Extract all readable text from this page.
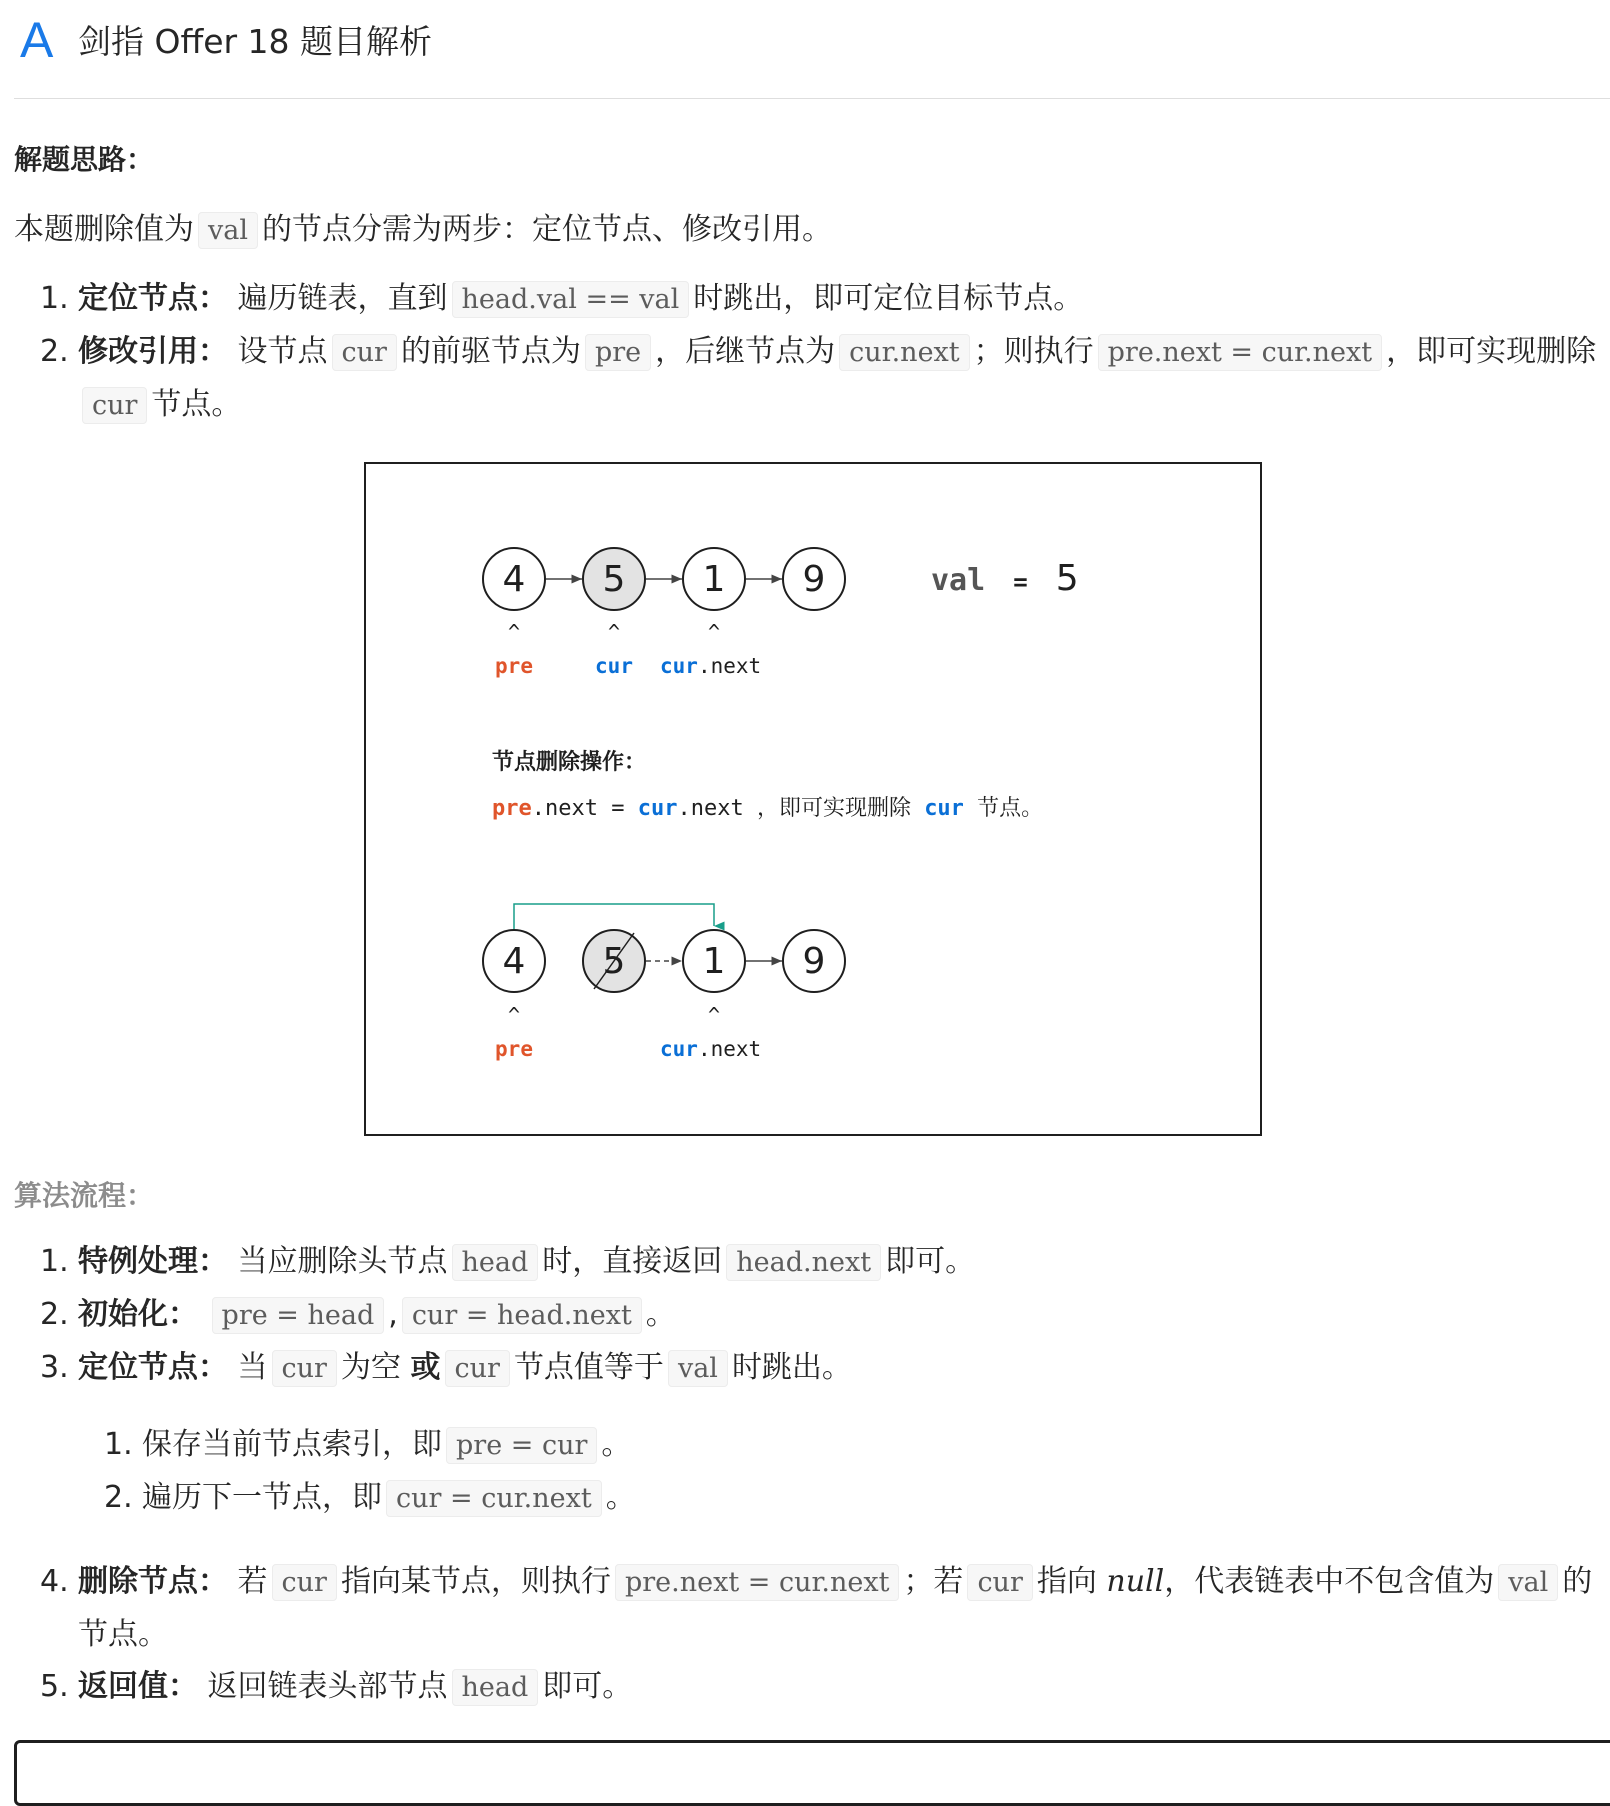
A 剑指 Offer 18 题目解析
解题思路：
本题删除值为 val 的节点分需为两步：定位节点、修改引用。
1. 定位节点： 遍历链表，直到 head.val == val 时跳出，即可定位目标节点。
2. 修改引用： 设节点 cur 的前驱节点为 pre ，后继节点为 cur.next ；则执行 pre.next = cur.next ，即可实现删除cur 节点。
4 5 1 9	val = 5
^	^	^
pre	cur cur.next
节点删除操作：
pre.next = cur.next ，即可实现删除 cur 节点。
4 5 1 9
^	^
pre	cur.next
算法流程：
1. 特例处理： 当应删除头节点 head 时，直接返回 head.next 即可。
2. 初始化： pre = head , cur = head.next 。
3. 定位节点： 当 cur 为空 或 cur 节点值等于 val 时跳出。
1. 保存当前节点索引，即 pre = cur 。
2. 遍历下一节点，即 cur = cur.next 。
4. 删除节点： 若 cur 指向某节点，则执行 pre.next = cur.next ；若 cur 指向 null，代表链表中不包含值为 val 的节点。
5. 返回值： 返回链表头部节点 head 即可。
